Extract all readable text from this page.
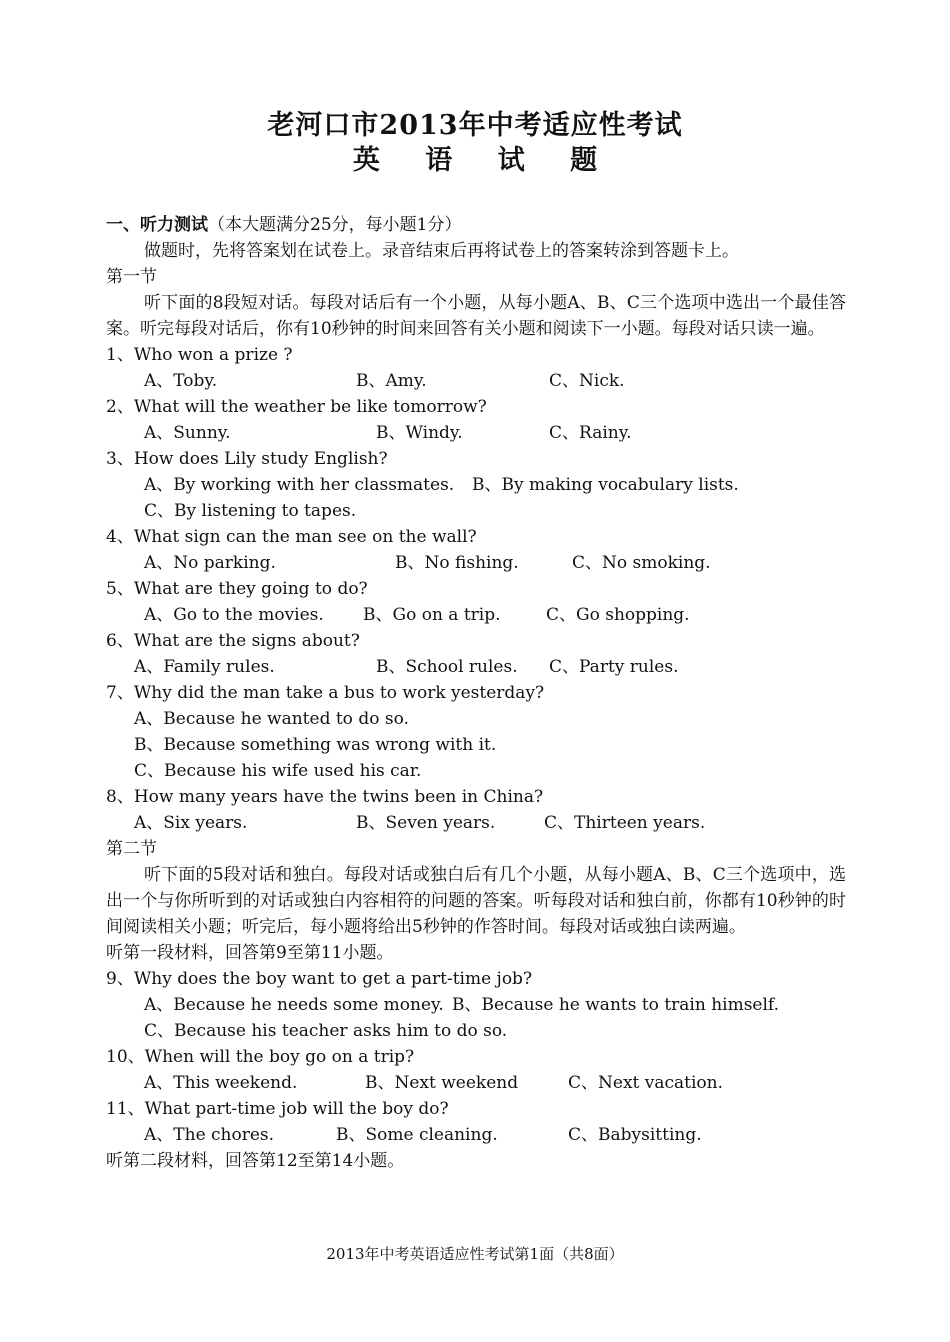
老河口市2013年中考适应性考试
英 语 试 题
一、听力测试（本大题满分25分，每小题1分）
做题时，先将答案划在试卷上。录音结束后再将试卷上的答案转涂到答题卡上。
第一节
听下面的8段短对话。每段对话后有一个小题，从每小题A、B、C三个选项中选出一个最佳答案。听完每段对话后，你有10秒钟的时间来回答有关小题和阅读下一小题。每段对话只读一遍。
1、Who won a prize ?
A、Toby.	B、Amy.	C、Nick.
2、What will the weather be like tomorrow?
A、Sunny.	B、Windy.	C、Rainy.
3、How does Lily study English?
A、By working with her classmates. B、By making vocabulary lists.
C、By listening to tapes.
4、What sign can the man see on the wall?
A、No parking.	B、No fishing.	C、No smoking.
5、What are they going to do?
A、Go to the movies. B、Go on a trip.	C、Go shopping.
6、What are the signs about?
A、Family rules.	B、School rules. C、Party rules.
7、Why did the man take a bus to work yesterday?
A、Because he wanted to do so.
B、Because something was wrong with it.
C、Because his wife used his car.
8、How many years have the twins been in China?
A、Six years.	B、Seven years.	C、Thirteen years.
第二节
听下面的5段对话和独白。每段对话或独白后有几个小题，从每小题A、B、C三个选项中，选出一个与你所听到的对话或独白内容相符的问题的答案。听每段对话和独白前，你都有10秒钟的时间阅读相关小题；听完后，每小题将给出5秒钟的作答时间。每段对话或独白读两遍。
听第一段材料，回答第9至第11小题。
9、Why does the boy want to get a part-time job?
A、Because he needs some money. B、Because he wants to train himself.
C、Because his teacher asks him to do so.
10、When will the boy go on a trip?
A、This weekend.	B、Next weekend	C、Next vacation.
11、What part-time job will the boy do?
A、The chores.	B、Some cleaning.	C、Babysitting.
听第二段材料，回答第12至第14小题。
2013年中考英语适应性考试第1面（共8面）
